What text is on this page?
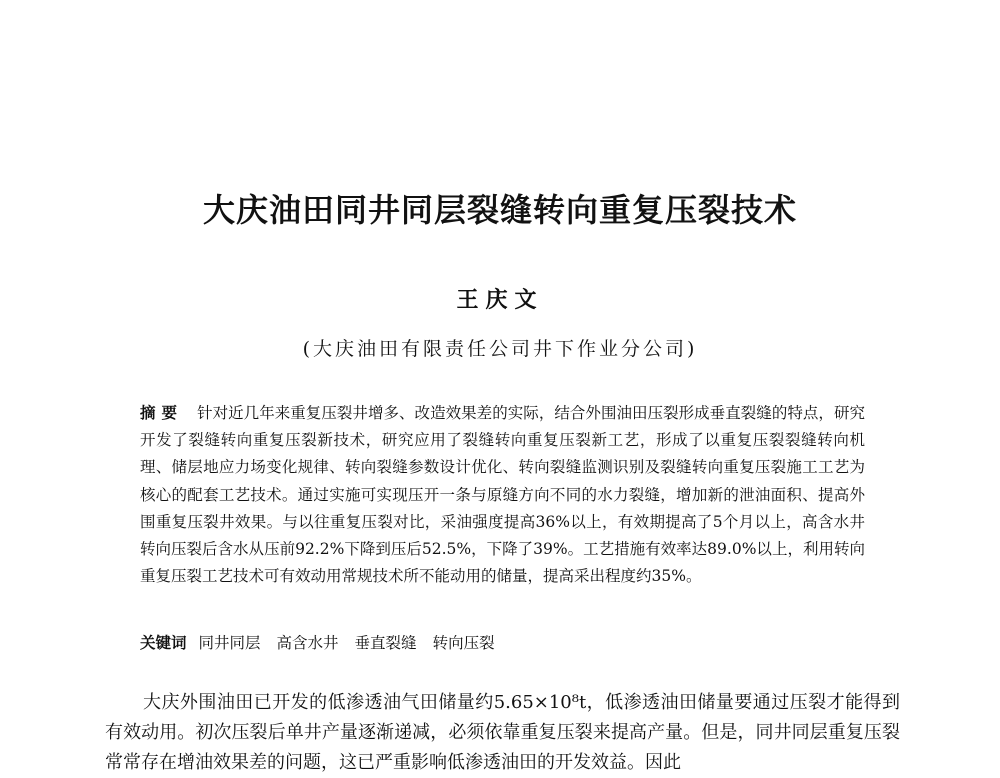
大庆油田同井同层裂缝转向重复压裂技术
王庆文
(大庆油田有限责任公司井下作业分公司)

摘要 针对近几年来重复压裂井增多、改造效果差的实际，结合外围油田压裂形成垂直裂缝的特点，研究开发了裂缝转向重复压裂新技术，研究应用了裂缝转向重复压裂新工艺，形成了以重复压裂裂缝转向机理、储层地应力场变化规律、转向裂缝参数设计优化、转向裂缝监测识别及裂缝转向重复压裂施工工艺为核心的配套工艺技术。通过实施可实现压开一条与原缝方向不同的水力裂缝，增加新的泄油面积、提高外围重复压裂井效果。与以往重复压裂对比，采油强度提高36%以上，有效期提高了5个月以上，高含水井转向压裂后含水从压前92.2%下降到压后52.5%，下降了39%。工艺措施有效率达89.0%以上，利用转向重复压裂工艺技术可有效动用常规技术所不能动用的储量，提高采出程度约35%。

关键词 同井同层 高含水井 垂直裂缝 转向压裂

大庆外围油田已开发的低渗透油气田储量约5.65×10⁸t，低渗透油田储量要通过压裂才能得到有效动用。初次压裂后单井产量逐渐递减，必须依靠重复压裂来提高产量。但是，同井同层重复压裂常常存在增油效果差的问题，这已严重影响低渗透油田的开发效益。因此
